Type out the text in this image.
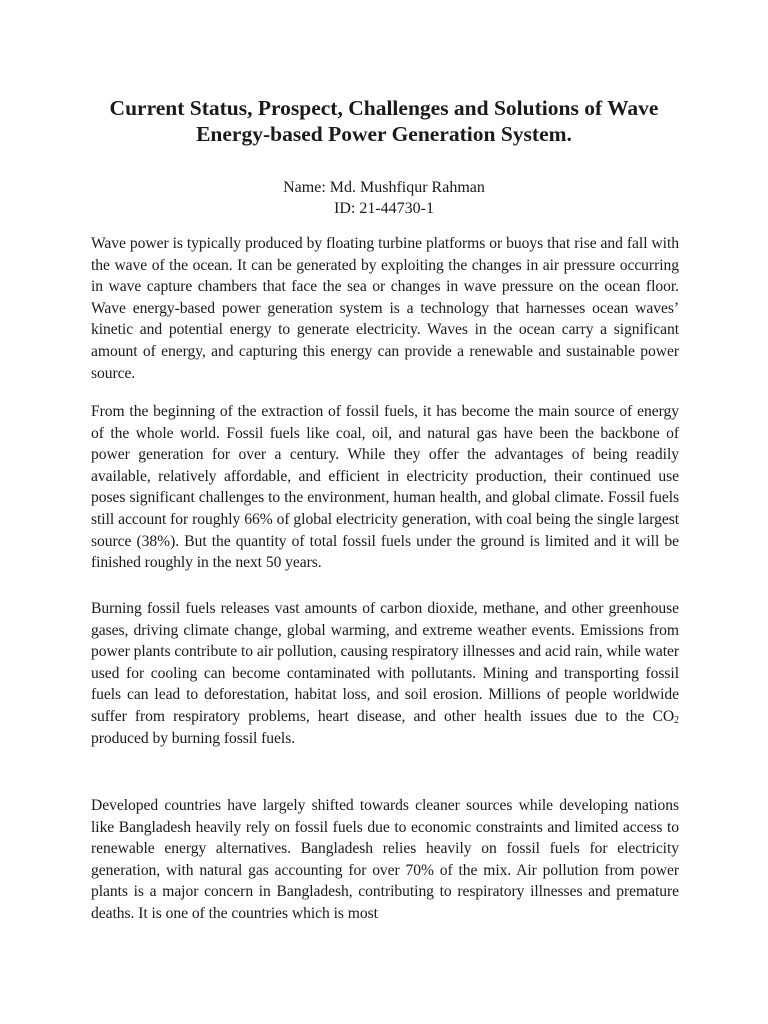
Current Status, Prospect, Challenges and Solutions of Wave Energy-based Power Generation System.
Name: Md. Mushfiqur Rahman
ID: 21-44730-1

Wave power is typically produced by floating turbine platforms or buoys that rise and fall with the wave of the ocean. It can be generated by exploiting the changes in air pressure occurring in wave capture chambers that face the sea or changes in wave pressure on the ocean floor. Wave energy-based power generation system is a technology that harnesses ocean waves’ kinetic and potential energy to generate electricity. Waves in the ocean carry a significant amount of energy, and capturing this energy can provide a renewable and sustainable power source.

From the beginning of the extraction of fossil fuels, it has become the main source of energy of the whole world. Fossil fuels like coal, oil, and natural gas have been the backbone of power generation for over a century. While they offer the advantages of being readily available, relatively affordable, and efficient in electricity production, their continued use poses significant challenges to the environment, human health, and global climate. Fossil fuels still account for roughly 66% of global electricity generation, with coal being the single largest source (38%). But the quantity of total fossil fuels under the ground is limited and it will be finished roughly in the next 50 years.

Burning fossil fuels releases vast amounts of carbon dioxide, methane, and other greenhouse gases, driving climate change, global warming, and extreme weather events. Emissions from power plants contribute to air pollution, causing respiratory illnesses and acid rain, while water used for cooling can become contaminated with pollutants. Mining and transporting fossil fuels can lead to deforestation, habitat loss, and soil erosion. Millions of people worldwide suffer from respiratory problems, heart disease, and other health issues due to the $CO_2$ produced by burning fossil fuels.

Developed countries have largely shifted towards cleaner sources while developing nations like Bangladesh heavily rely on fossil fuels due to economic constraints and limited access to renewable energy alternatives. Bangladesh relies heavily on fossil fuels for electricity generation, with natural gas accounting for over 70% of the mix. Air pollution from power plants is a major concern in Bangladesh, contributing to respiratory illnesses and premature deaths. It is one of the countries which is most
